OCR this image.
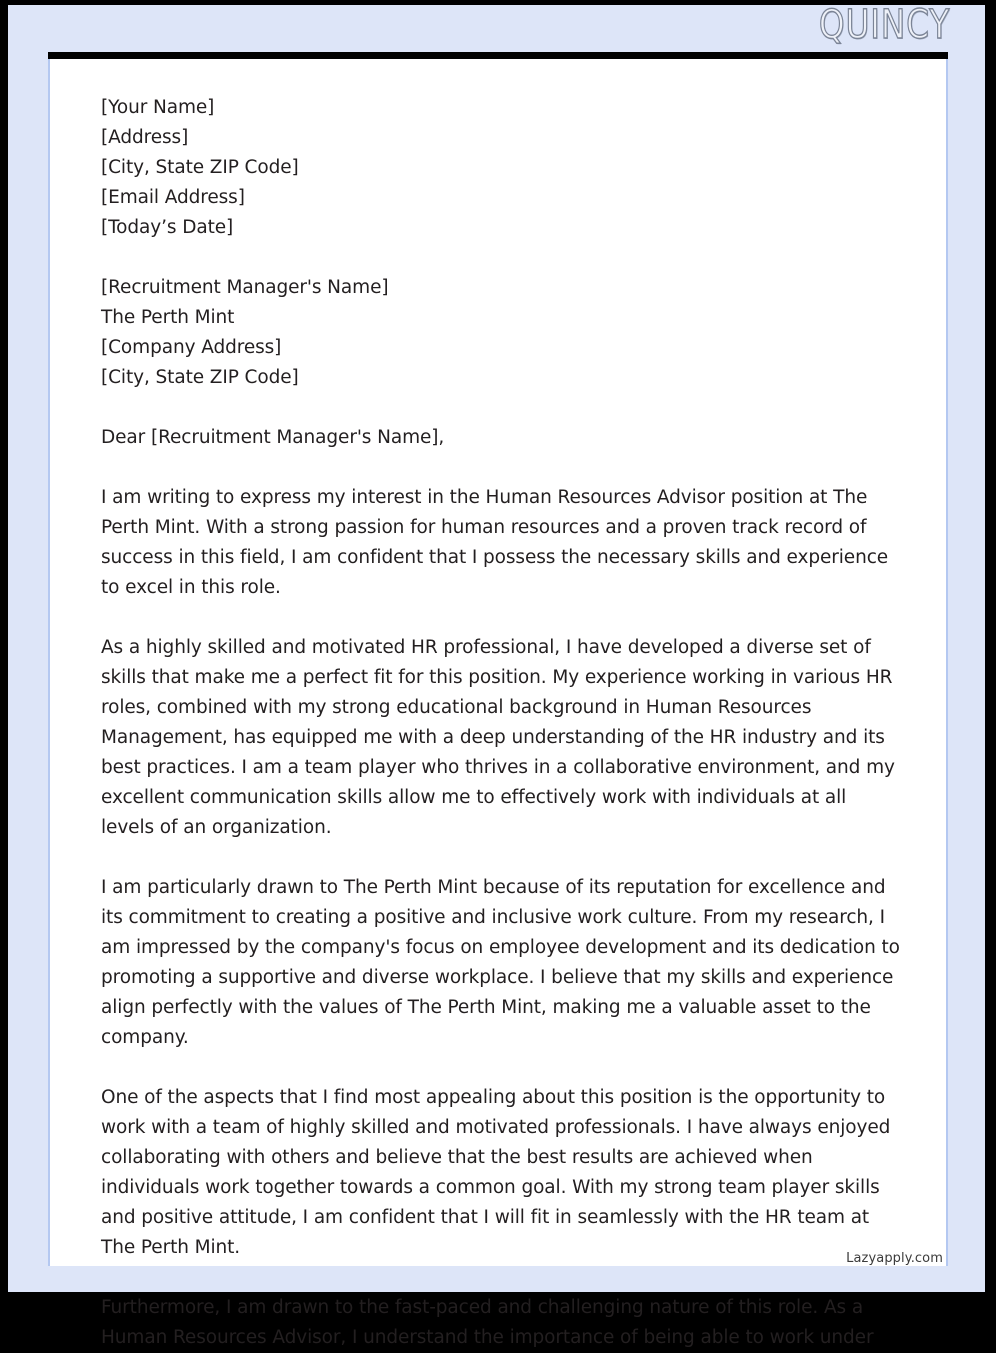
QUINCY
[Your Name]
[Address]
[City, State ZIP Code]
[Email Address]
[Today’s Date]
[Recruitment Manager's Name]
The Perth Mint
[Company Address]
[City, State ZIP Code]
Dear [Recruitment Manager's Name],

I am writing to express my interest in the Human Resources Advisor position at The Perth Mint. With a strong passion for human resources and a proven track record of success in this field, I am confident that I possess the necessary skills and experience to excel in this role.

As a highly skilled and motivated HR professional, I have developed a diverse set of skills that make me a perfect fit for this position. My experience working in various HR roles, combined with my strong educational background in Human Resources Management, has equipped me with a deep understanding of the HR industry and its best practices. I am a team player who thrives in a collaborative environment, and my excellent communication skills allow me to effectively work with individuals at all levels of an organization.

I am particularly drawn to The Perth Mint because of its reputation for excellence and its commitment to creating a positive and inclusive work culture. From my research, I am impressed by the company's focus on employee development and its dedication to promoting a supportive and diverse workplace. I believe that my skills and experience align perfectly with the values of The Perth Mint, making me a valuable asset to the company.

One of the aspects that I find most appealing about this position is the opportunity to work with a team of highly skilled and motivated professionals. I have always enjoyed collaborating with others and believe that the best results are achieved when individuals work together towards a common goal. With my strong team player skills and positive attitude, I am confident that I will fit in seamlessly with the HR team at The Perth Mint.

Furthermore, I am drawn to the fast-paced and challenging nature of this role. As a Human Resources Advisor, I understand the importance of being able to work under

Lazyapply.com
